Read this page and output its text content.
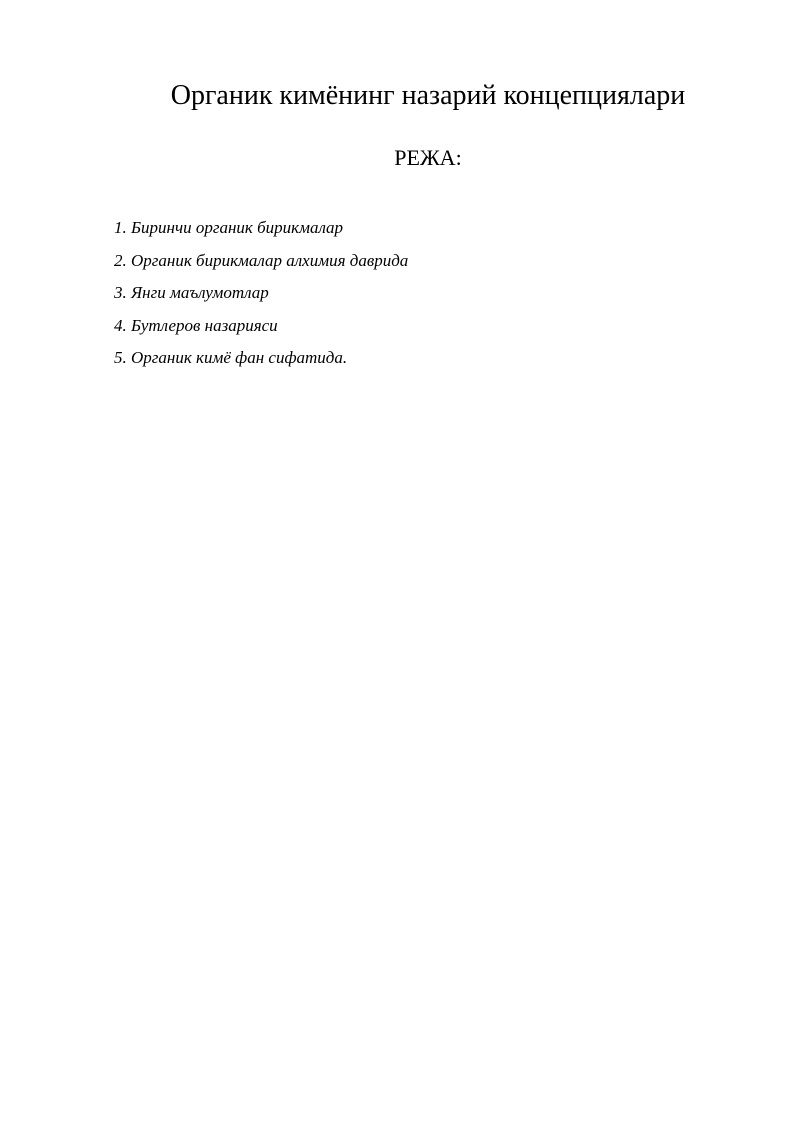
Органик кимёнинг назарий концепциялари
РЕЖА:
1. Биринчи органик бирикмалар
2. Органик бирикмалар алхимия даврида
3. Янги маълумотлар
4. Бутлеров назарияси
5. Органик кимё фан сифатида.
